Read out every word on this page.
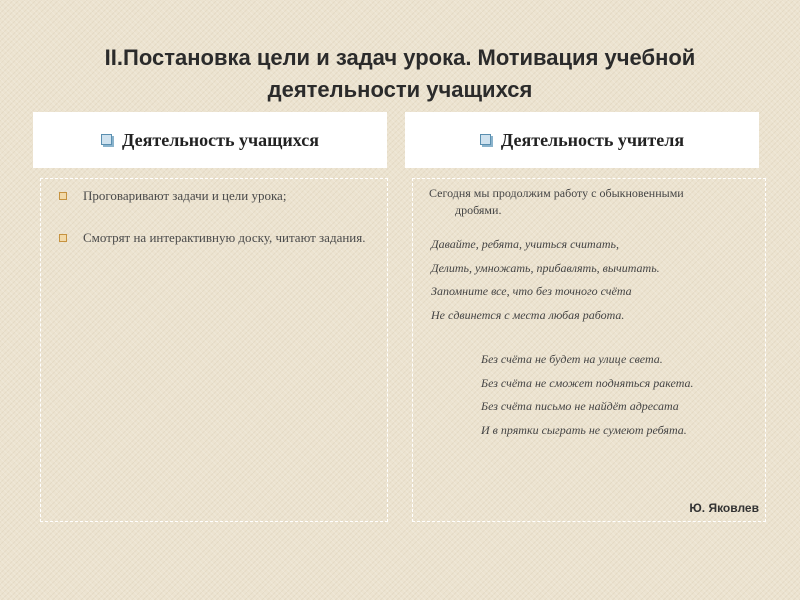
II.Постановка цели и задач урока. Мотивация учебной деятельности учащихся
Деятельность учащихся	Деятельность учителя
Проговаривают задачи и цели урока;
Смотрят на интерактивную доску, читают задания.
Сегодня мы продолжим работу с обыкновенными
дробями.
Давайте, ребята, учиться считать,
Делить, умножать, прибавлять, вычитать.
Запомните все, что без точного счёта
Не сдвинется с места любая работа.
Без счёта не будет на улице света.
Без счёта не сможет подняться ракета.
Без счёта письмо не найдёт адресата
И в прятки сыграть не сумеют ребята.
Ю. Яковлев
